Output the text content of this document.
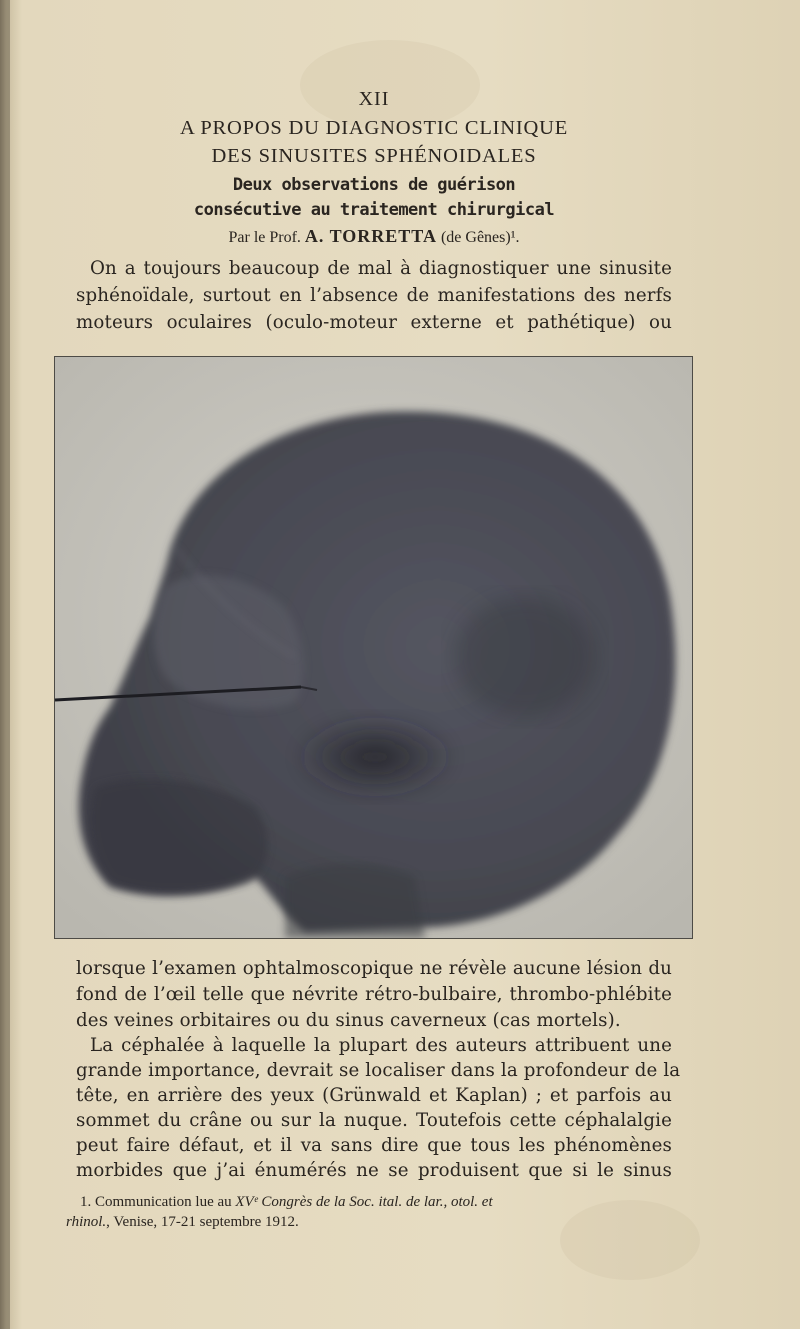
XII
A PROPOS DU DIAGNOSTIC CLINIQUE
DES SINUSITES SPHÉNOIDALES
Deux observations de guérison
consécutive au traitement chirurgical
Par le Prof. A. TORRETTA (de Gênes)¹.
On a toujours beaucoup de mal à diagnostiquer une sinusite
sphénoïdale, surtout en l’absence de manifestations des nerfs
moteurs oculaires (oculo-moteur externe et pathétique) ou
lorsque l’examen ophtalmoscopique ne révèle aucune lésion du
fond de l’œil telle que névrite rétro-bulbaire, thrombo-phlébite
des veines orbitaires ou du sinus caverneux (cas mortels).
La céphalée à laquelle la plupart des auteurs attribuent une
grande importance, devrait se localiser dans la profondeur de la
tête, en arrière des yeux (Grünwald et Kaplan) ; et parfois au
sommet du crâne ou sur la nuque. Toutefois cette céphalalgie
peut faire défaut, et il va sans dire que tous les phénomènes
morbides que j’ai énumérés ne se produisent que si le sinus
1. Communication lue au XVᵉ Congrès de la Soc. ital. de lar., otol. et
rhinol., Venise, 17-21 septembre 1912.
